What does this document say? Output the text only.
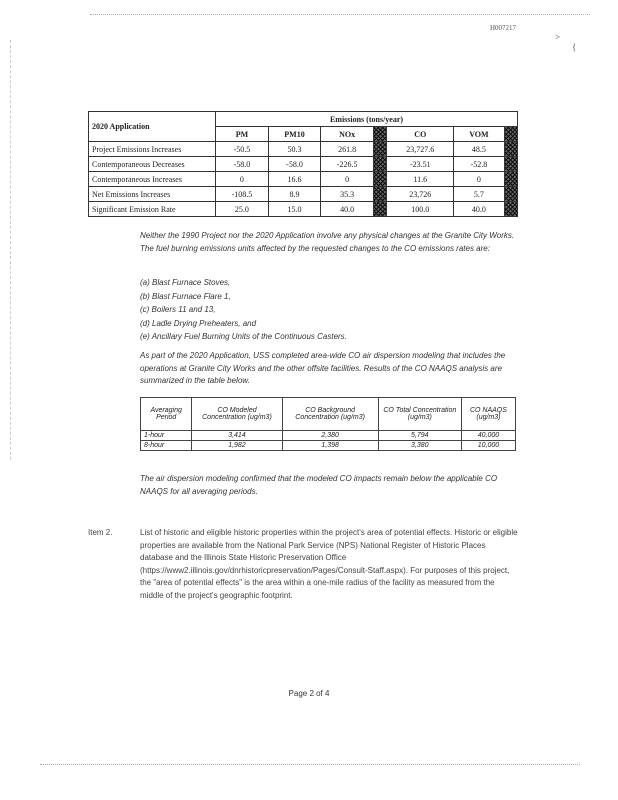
H007217
>
{
2020 Application	Emissions (tons/year)						
	PM	PM10	NOx		CO	VOM	
Project Emissions Increases	-50.5	50.3	261.8		23,727.6	48.5	
Contemporaneous Decreases	-58.0	-58.0	-226.5		-23.51	-52.8	
Contemporaneous Increases	0	16.6	0		11.6	0	
Net Emissions Increases	-108.5	8.9	35.3		23,726	5.7	
Significant Emission Rate	25.0	15.0	40.0		100.0	40.0	
Neither the 1990 Project nor the 2020 Application involve any physical changes at the Granite City Works. The fuel burning emissions units affected by the requested changes to the CO emissions rates are:
(a) Blast Furnace Stoves,
(b) Blast Furnace Flare 1,
(c) Boilers 11 and 13,
(d) Ladle Drying Preheaters, and
(e) Ancillary Fuel Burning Units of the Continuous Casters.
As part of the 2020 Application, USS completed area-wide CO air dispersion modeling that includes the operations at Granite City Works and the other offsite facilities. Results of the CO NAAQS analysis are summarized in the table below.
Averaging Period	CO Modeled Concentration (ug/m3)	CO Background Concentration (ug/m3)	CO Total Concentration (ug/m3)	CO NAAQS (ug/m3)
1-hour	3,414	2,380	5,794	40,000
8-hour	1,982	1,398	3,380	10,000
The air dispersion modeling confirmed that the modeled CO impacts remain below the applicable CO NAAQS for all averaging periods.
Item 2.	List of historic and eligible historic properties within the project's area of potential effects. Historic or eligible properties are available from the National Park Service (NPS) National Register of Historic Places database and the Illinois State Historic Preservation Office (https://www2.illinois.gov/dnrhistoricpreservation/Pages/Consult-Staff.aspx). For purposes of this project, the "area of potential effects" is the area within a one-mile radius of the facility as measured from the middle of the project's geographic footprint.
Page 2 of 4
